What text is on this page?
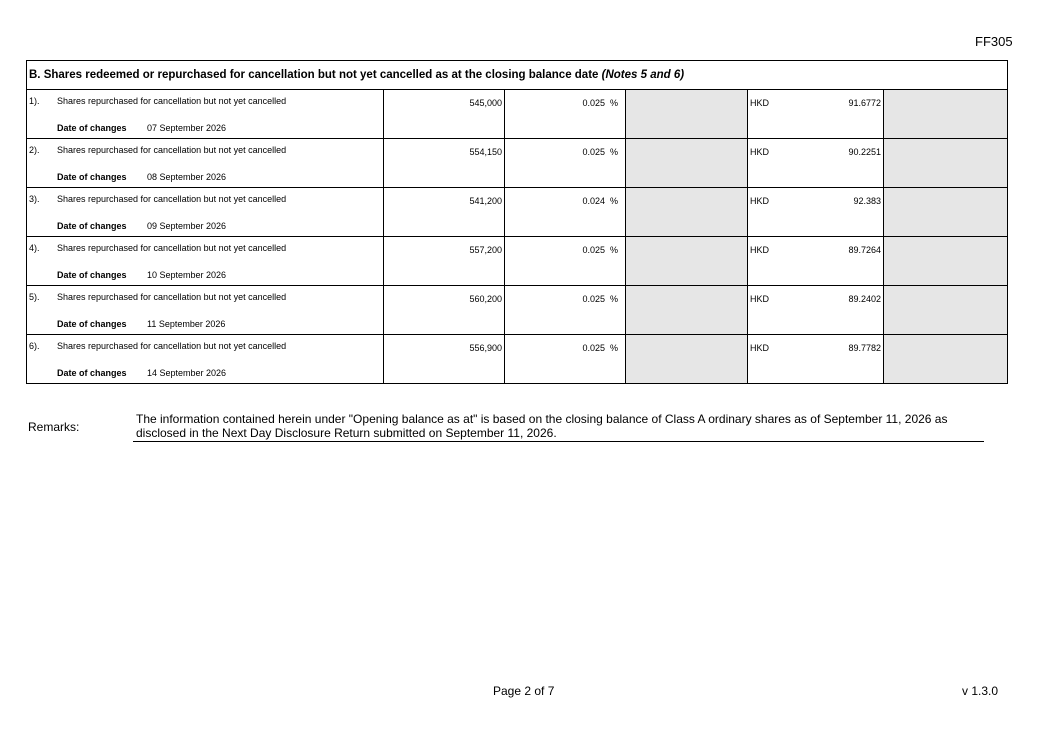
FF305
B. Shares redeemed or repurchased for cancellation but not yet cancelled as at the closing balance date (Notes 5 and 6)					

1). Shares repurchased for cancellation but not yet cancelled
Date of changes 07 September 2026	545,000	0.025 %		HKD 91.6772	

2). Shares repurchased for cancellation but not yet cancelled
Date of changes 08 September 2026	554,150	0.025 %		HKD 90.2251	

3). Shares repurchased for cancellation but not yet cancelled
Date of changes 09 September 2026	541,200	0.024 %		HKD 92.383	

4). Shares repurchased for cancellation but not yet cancelled
Date of changes 10 September 2026	557,200	0.025 %		HKD 89.7264	

5). Shares repurchased for cancellation but not yet cancelled
Date of changes 11 September 2026	560,200	0.025 %		HKD 89.2402	

6). Shares repurchased for cancellation but not yet cancelled
Date of changes 14 September 2026	556,900	0.025 %		HKD 89.7782	

Remarks:
The information contained herein under "Opening balance as at" is based on the closing balance of Class A ordinary shares as of September 11, 2026 as disclosed in the Next Day Disclosure Return submitted on September 11, 2026.
Page 2 of 7	v 1.3.0
